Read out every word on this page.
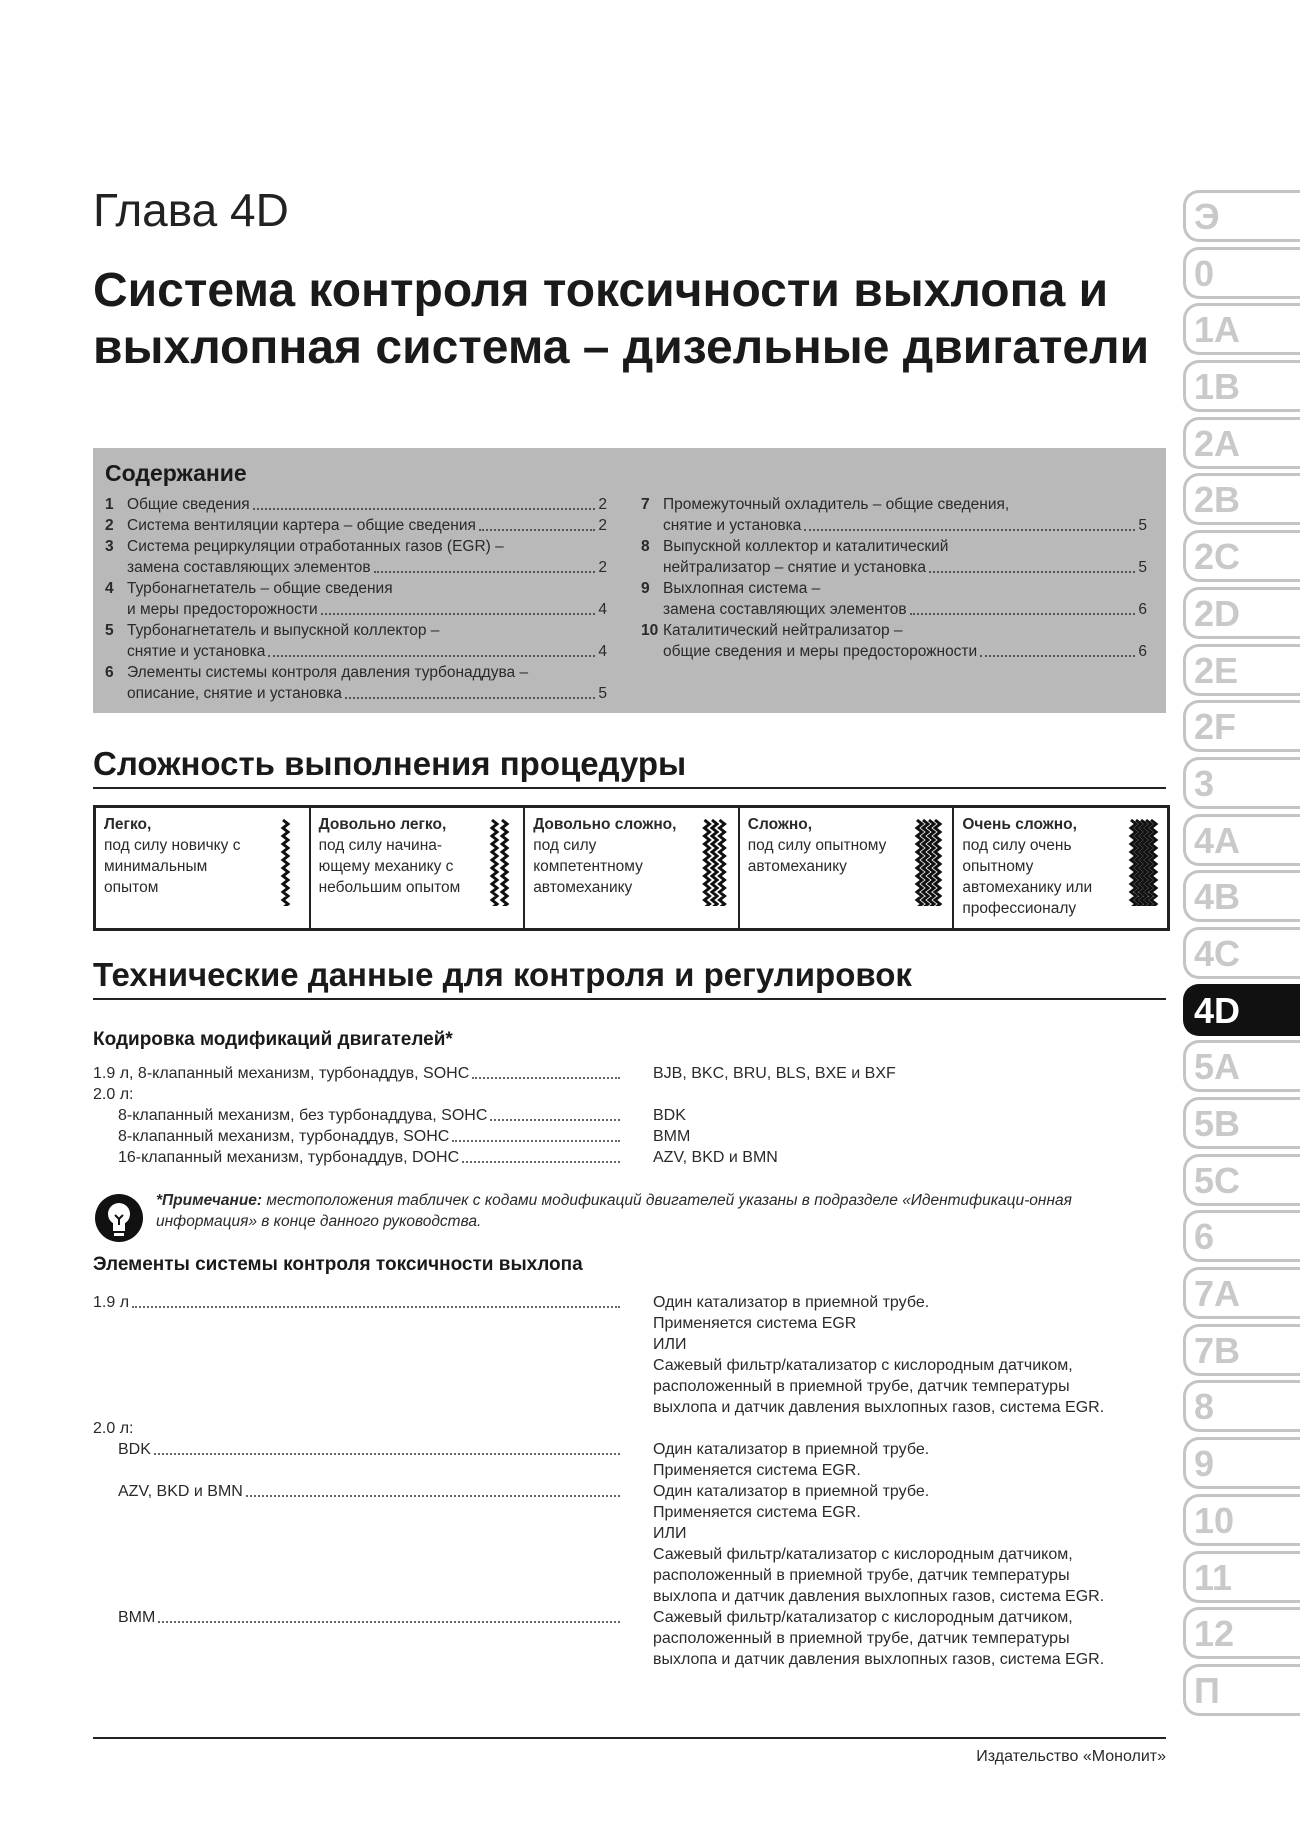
Глава 4D
Система контроля токсичности выхлопа и выхлопная система – дизельные двигатели
Содержание
1 Общие сведения	2
2 Система вентиляции картера – общие сведения	2
3 Система рециркуляции отработанных газов (EGR) –
замена составляющих элементов	2
4 Турбонагнетатель – общие сведения
и меры предосторожности	4
5 Турбонагнетатель и выпускной коллектор –
снятие и установка	4
6 Элементы системы контроля давления турбонаддува –
описание, снятие и установка	5
7 Промежуточный охладитель – общие сведения,
снятие и установка	5
8 Выпускной коллектор и каталитический
нейтрализатор – снятие и установка	5
9 Выхлопная система –
замена составляющих элементов	6
10 Каталитический нейтрализатор –
общие сведения и меры предосторожности	6
Сложность выполнения процедуры
Легко,
под силу новичку с минимальным опытом
Довольно легко,
под силу начина-ющему механику с небольшим опытом
Довольно сложно,
под силу компетентному автомеханику
Сложно,
под силу опытному автомеханику
Очень сложно,
под силу очень опытному автомеханику или профессионалу
Технические данные для контроля и регулировок
Кодировка модификаций двигателей*
1.9 л, 8-клапанный механизм, турбонаддув, SOHC	BJB, BKC, BRU, BLS, BXE и BXF
2.0 л:
8-клапанный механизм, без турбонаддува, SOHC	BDK
8-клапанный механизм, турбонаддув, SOHC	BMM
16-клапанный механизм, турбонаддув, DOHC	AZV, BKD и BMN
*Примечание: местоположения табличек с кодами модификаций двигателей указаны в подразделе «Идентификаци-онная информация» в конце данного руководства.
Элементы системы контроля токсичности выхлопа
1.9 л	Один катализатор в приемной трубе.
Применяется система EGR
ИЛИ
Сажевый фильтр/катализатор с кислородным датчиком,
расположенный в приемной трубе, датчик температуры
выхлопа и датчик давления выхлопных газов, система EGR.
2.0 л:
BDK	Один катализатор в приемной трубе.
Применяется система EGR.
AZV, BKD и BMN	Один катализатор в приемной трубе.
Применяется система EGR.
ИЛИ
Сажевый фильтр/катализатор с кислородным датчиком,
расположенный в приемной трубе, датчик температуры
выхлопа и датчик давления выхлопных газов, система EGR.
BMM	Сажевый фильтр/катализатор с кислородным датчиком,
расположенный в приемной трубе, датчик температуры
выхлопа и датчик давления выхлопных газов, система EGR.
Издательство «Монолит»
Э
0
1A
1B
2A
2B
2C
2D
2E
2F
3
4A
4B
4C
4D
5A
5B
5C
6
7A
7B
8
9
10
11
12
П
